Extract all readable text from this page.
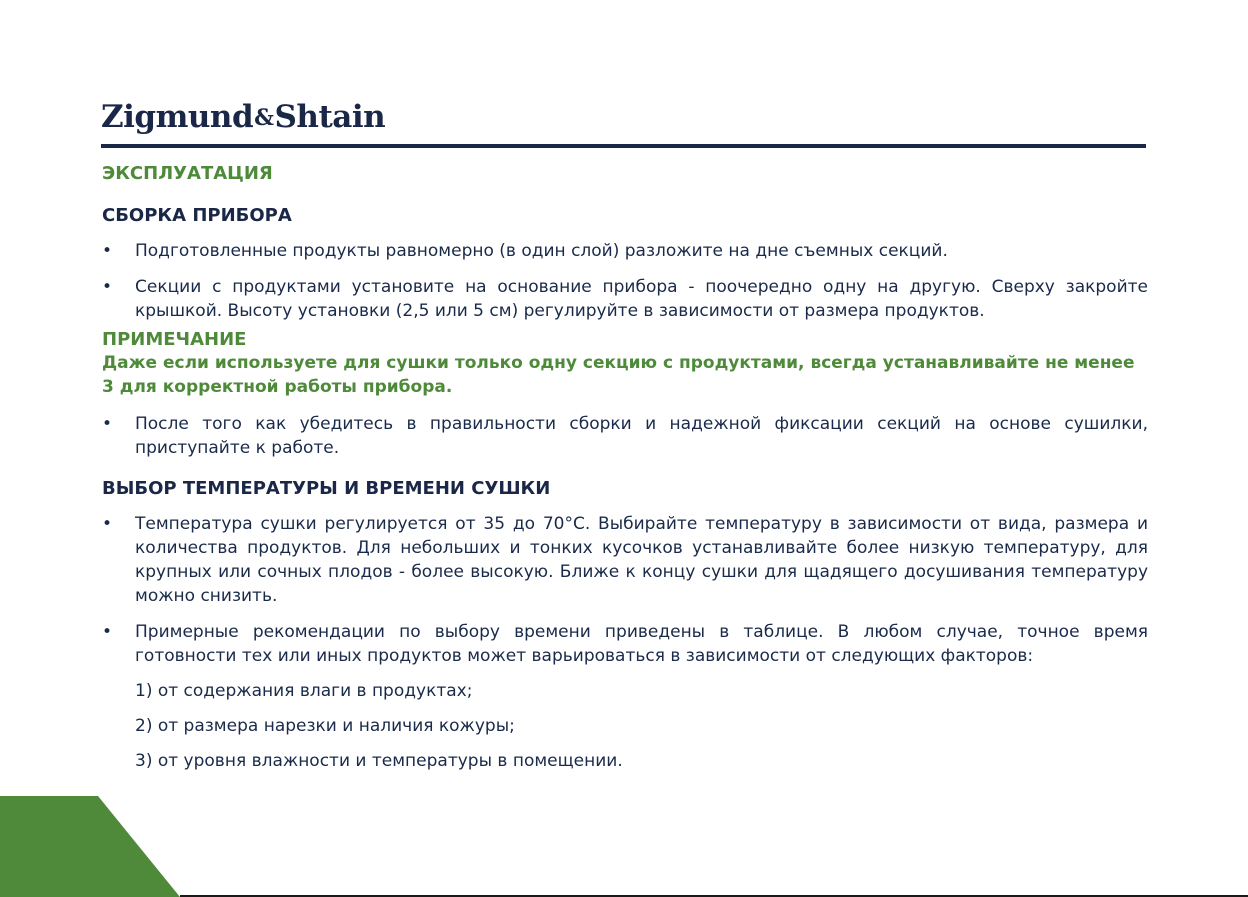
Zigmund&Shtain

ЭКСПЛУАТАЦИЯ

СБОРКА ПРИБОРА

• Подготовленные продукты равномерно (в один слой) разложите на дне съемных секций.

• Секции с продуктами установите на основание прибора - поочередно одну на другую. Сверху закройте крышкой. Высоту установки (2,5 или 5 см) регулируйте в зависимости от размера продуктов.

ПРИМЕЧАНИЕ

Даже если используете для сушки только одну секцию с продуктами, всегда устанавливайте не менее 3 для корректной работы прибора.

• После того как убедитесь в правильности сборки и надежной фиксации секций на основе сушилки, приступайте к работе.

ВЫБОР ТЕМПЕРАТУРЫ И ВРЕМЕНИ СУШКИ

• Температура сушки регулируется от 35 до 70°C. Выбирайте температуру в зависимости от вида, размера и количества продуктов. Для небольших и тонких кусочков устанавливайте более низкую температуру, для крупных или сочных плодов - более высокую. Ближе к концу сушки для щадящего досушивания температуру можно снизить.

• Примерные рекомендации по выбору времени приведены в таблице. В любом случае, точное время готовности тех или иных продуктов может варьироваться в зависимости от следующих факторов:

1) от содержания влаги в продуктах;

2) от размера нарезки и наличия кожуры;

3) от уровня влажности и температуры в помещении.
